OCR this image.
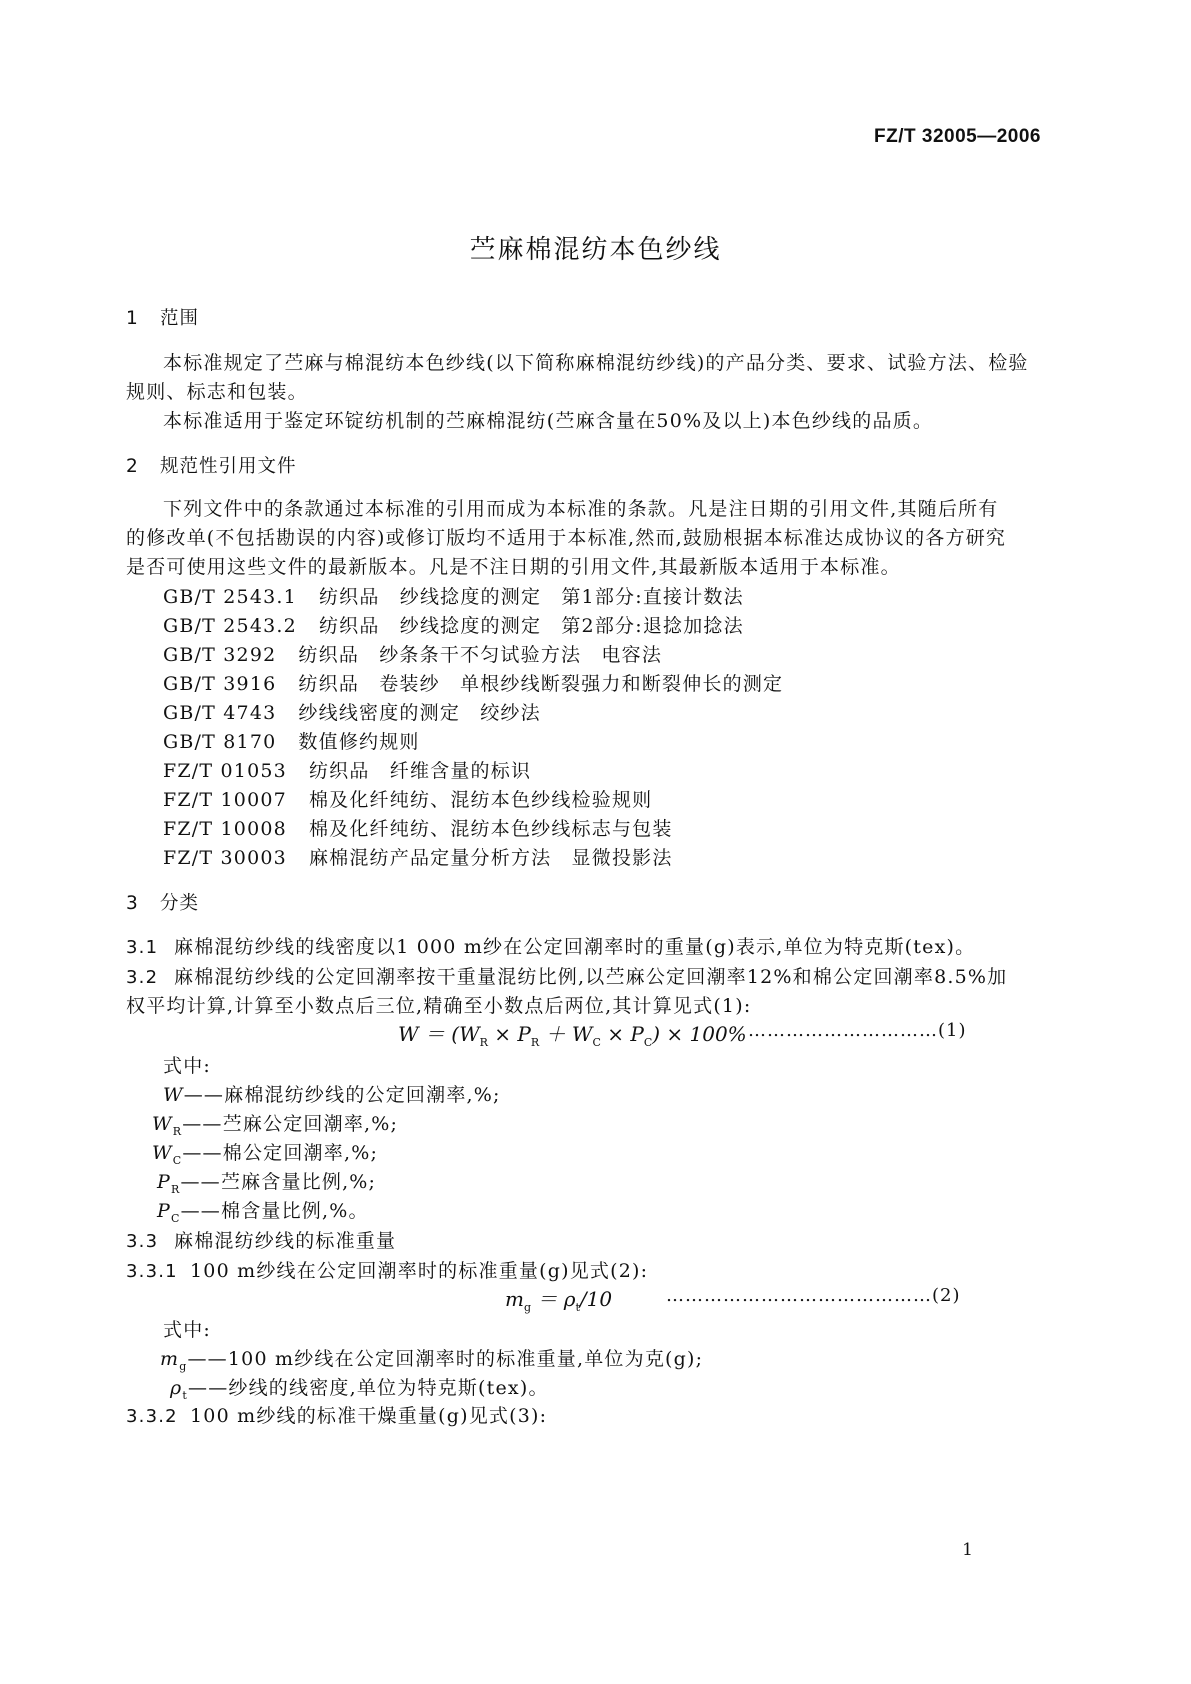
FZ/T 32005—2006
苎麻棉混纺本色纱线
1 范围
本标准规定了苎麻与棉混纺本色纱线(以下简称麻棉混纺纱线)的产品分类、要求、试验方法、检验
规则、标志和包装。
本标准适用于鉴定环锭纺机制的苎麻棉混纺(苎麻含量在50%及以上)本色纱线的品质。
2 规范性引用文件
下列文件中的条款通过本标准的引用而成为本标准的条款。凡是注日期的引用文件,其随后所有
的修改单(不包括勘误的内容)或修订版均不适用于本标准,然而,鼓励根据本标准达成协议的各方研究
是否可使用这些文件的最新版本。凡是不注日期的引用文件,其最新版本适用于本标准。
GB/T 2543.1 纺织品　纱线捻度的测定　第1部分:直接计数法
GB/T 2543.2 纺织品　纱线捻度的测定　第2部分:退捻加捻法
GB/T 3292 纺织品　纱条条干不匀试验方法　电容法
GB/T 3916 纺织品　卷装纱　单根纱线断裂强力和断裂伸长的测定
GB/T 4743 纱线线密度的测定　绞纱法
GB/T 8170 数值修约规则
FZ/T 01053 纺织品　纤维含量的标识
FZ/T 10007 棉及化纤纯纺、混纺本色纱线检验规则
FZ/T 10008 棉及化纤纯纺、混纺本色纱线标志与包装
FZ/T 30003 麻棉混纺产品定量分析方法　显微投影法
3 分类
3.1 麻棉混纺纱线的线密度以1 000 m纱在公定回潮率时的重量(g)表示,单位为特克斯(tex)。
3.2 麻棉混纺纱线的公定回潮率按干重量混纺比例,以苎麻公定回潮率12%和棉公定回潮率8.5%加
权平均计算,计算至小数点后三位,精确至小数点后两位,其计算见式(1):
$W = (W_R \times P_R + W_C \times P_C) \times 100\%$ …………………………(1)
式中:
W——麻棉混纺纱线的公定回潮率,%;
$W_R——$苎麻公定回潮率,%;
$W_C——$棉公定回潮率,%;
$P_R——$苎麻含量比例,%;
$P_C——$棉含量比例,%。
3.3 麻棉混纺纱线的标准重量
3.3.1 100 m纱线在公定回潮率时的标准重量(g)见式(2):
$m_g = \rho_t/10$	……………………………………(2)
式中:
$m_g——100$ m纱线在公定回潮率时的标准重量,单位为克(g);
$\rho_t——$纱线的线密度,单位为特克斯(tex)。
3.3.2 100 m纱线的标准干燥重量(g)见式(3):
1
